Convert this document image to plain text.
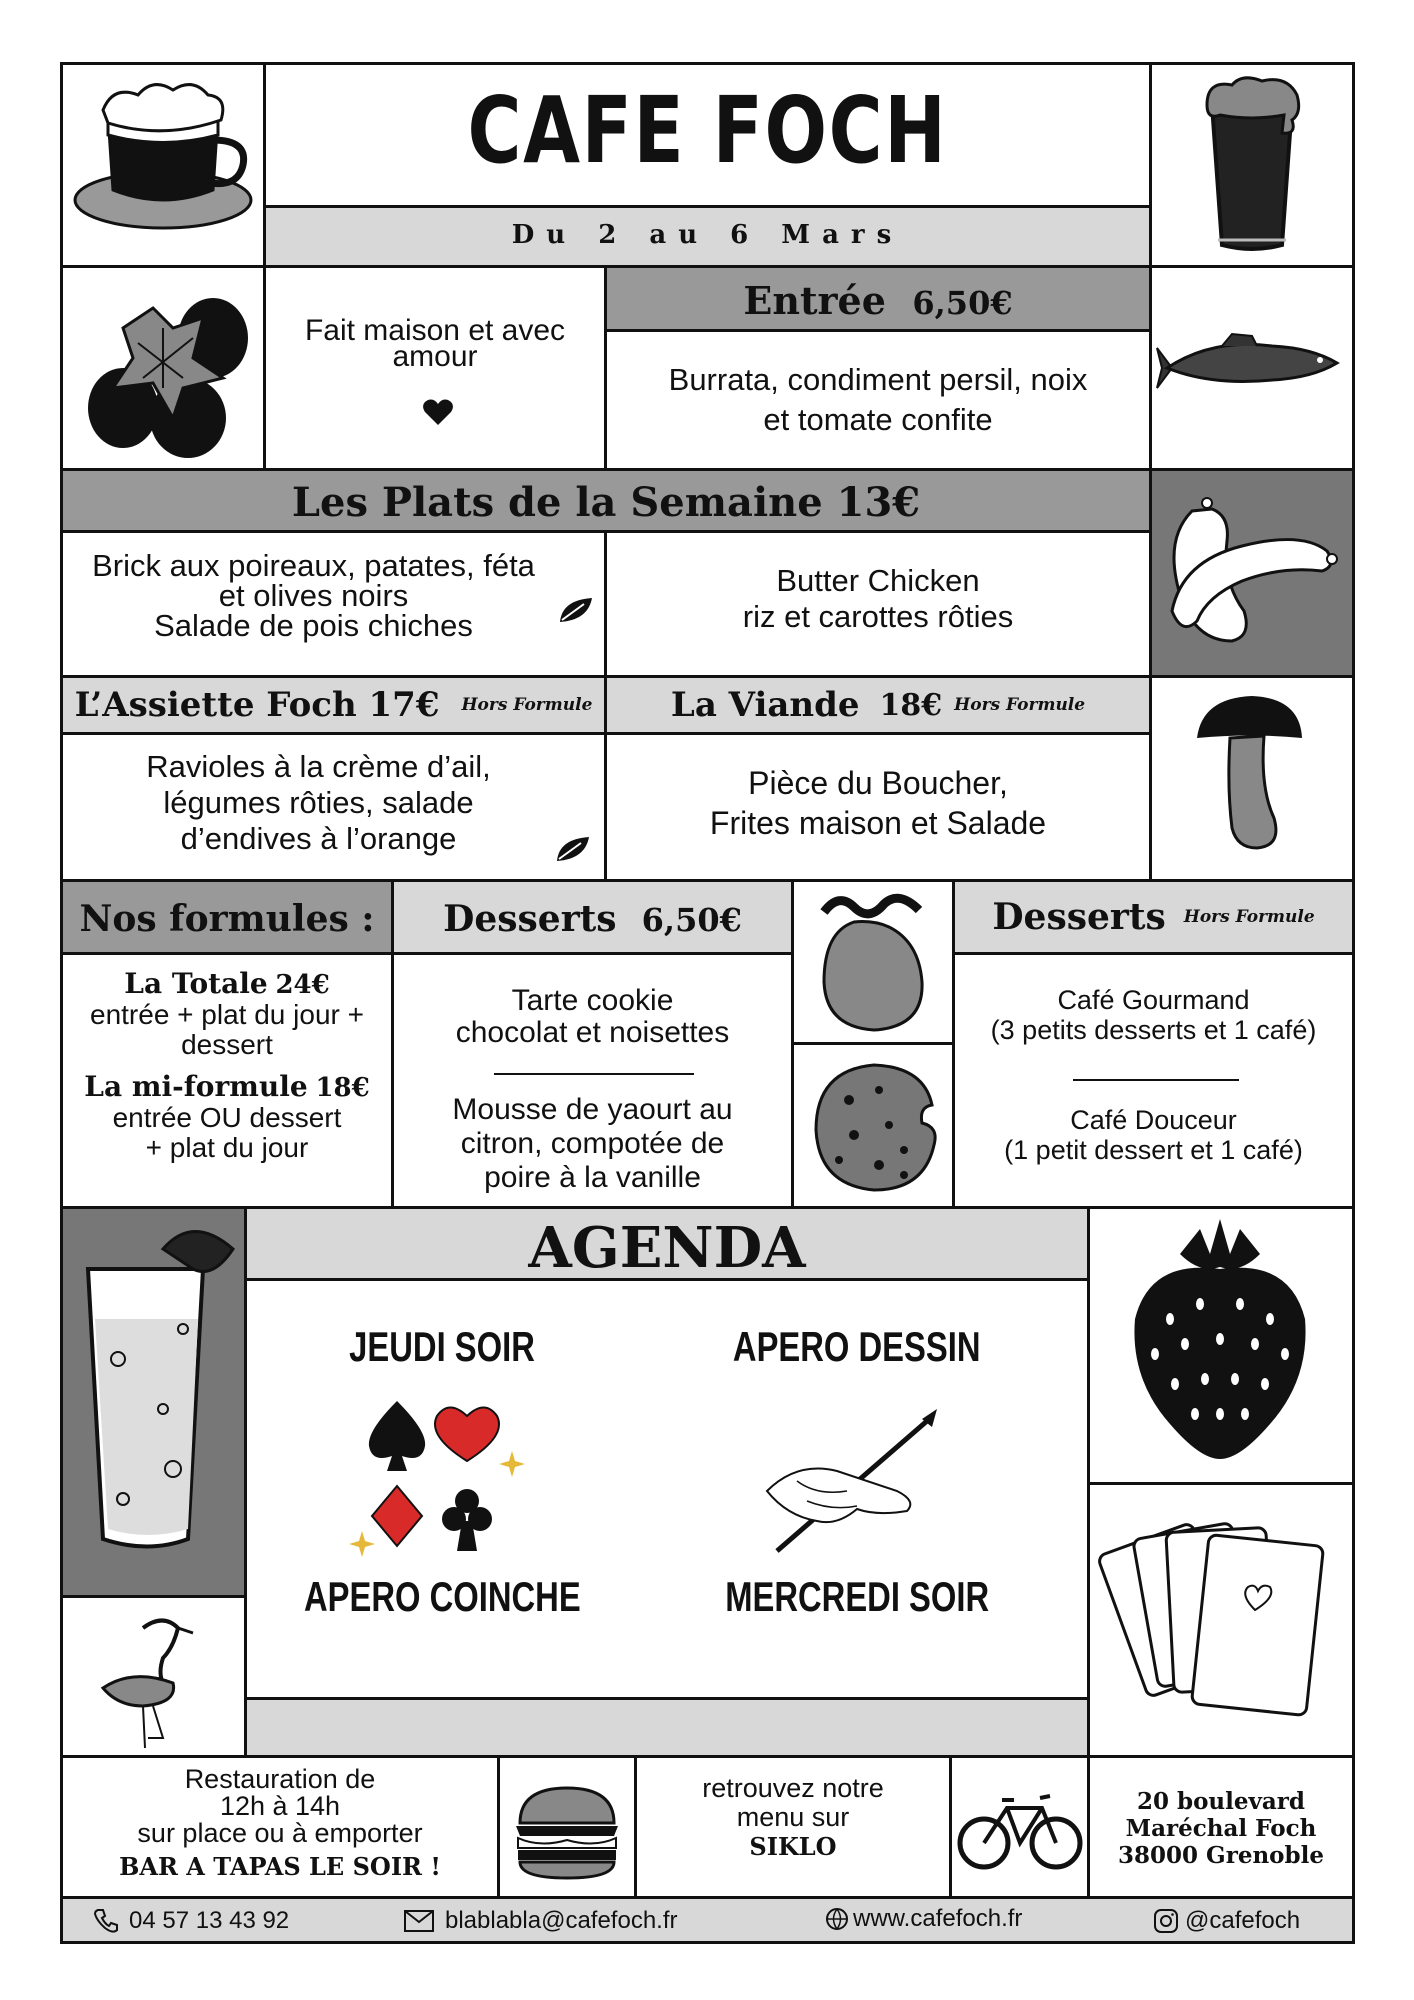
CAFE FOCH
Du 2 au 6 Mars
Fait maison et avec
amour
Entrée 6,50€
Burrata, condiment persil, noix
et tomate confite
Les Plats de la Semaine 13€
Brick aux poireaux, patates, féta
et olives noirs
Salade de pois chiches
Butter Chicken
riz et carottes rôties
L’Assiette Foch 17€ Hors Formule La Viande 18€ Hors Formule
Ravioles à la crème d’ail,
légumes rôties, salade
d’endives à l’orange
Pièce du Boucher,
Frites maison et Salade
Nos formules :
La Totale 24€
entrée + plat du jour +
dessert
La mi-formule 18€
entrée OU dessert
+ plat du jour
Desserts 6,50€
Tarte cookie
chocolat et noisettes
Mousse de yaourt au
citron, compotée de
poire à la vanille
Desserts Hors Formule
Café Gourmand
(3 petits desserts et 1 café)
Café Douceur
(1 petit dessert et 1 café)
AGENDA
JEUDI SOIR
APERO COINCHE
APERO DESSIN
MERCREDI SOIR
Restauration de
12h à 14h
sur place ou à emporter
BAR A TAPAS LE SOIR !
retrouvez notre
menu sur
SIKLO
20 boulevard
Maréchal Foch
38000 Grenoble
04 57 13 43 92	blablabla@cafefoch.fr	www.cafefoch.fr	@cafefoch
